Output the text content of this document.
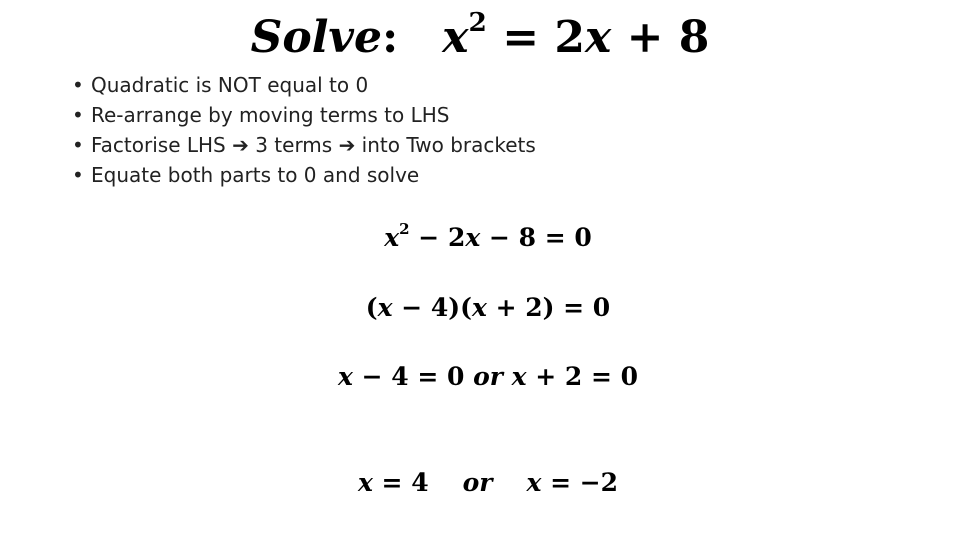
Solve: $x^2 = 2x + 8$
• Quadratic is NOT equal to 0
• Re-arrange by moving terms to LHS
• Factorise LHS ➔ 3 terms ➔ into Two brackets
• Equate both parts to 0 and solve
$x^2 - 2x - 8 = 0$
(x − 4)(x + 2) = 0
x − 4 = 0 or x + 2 = 0
x = 4 or x = −2
